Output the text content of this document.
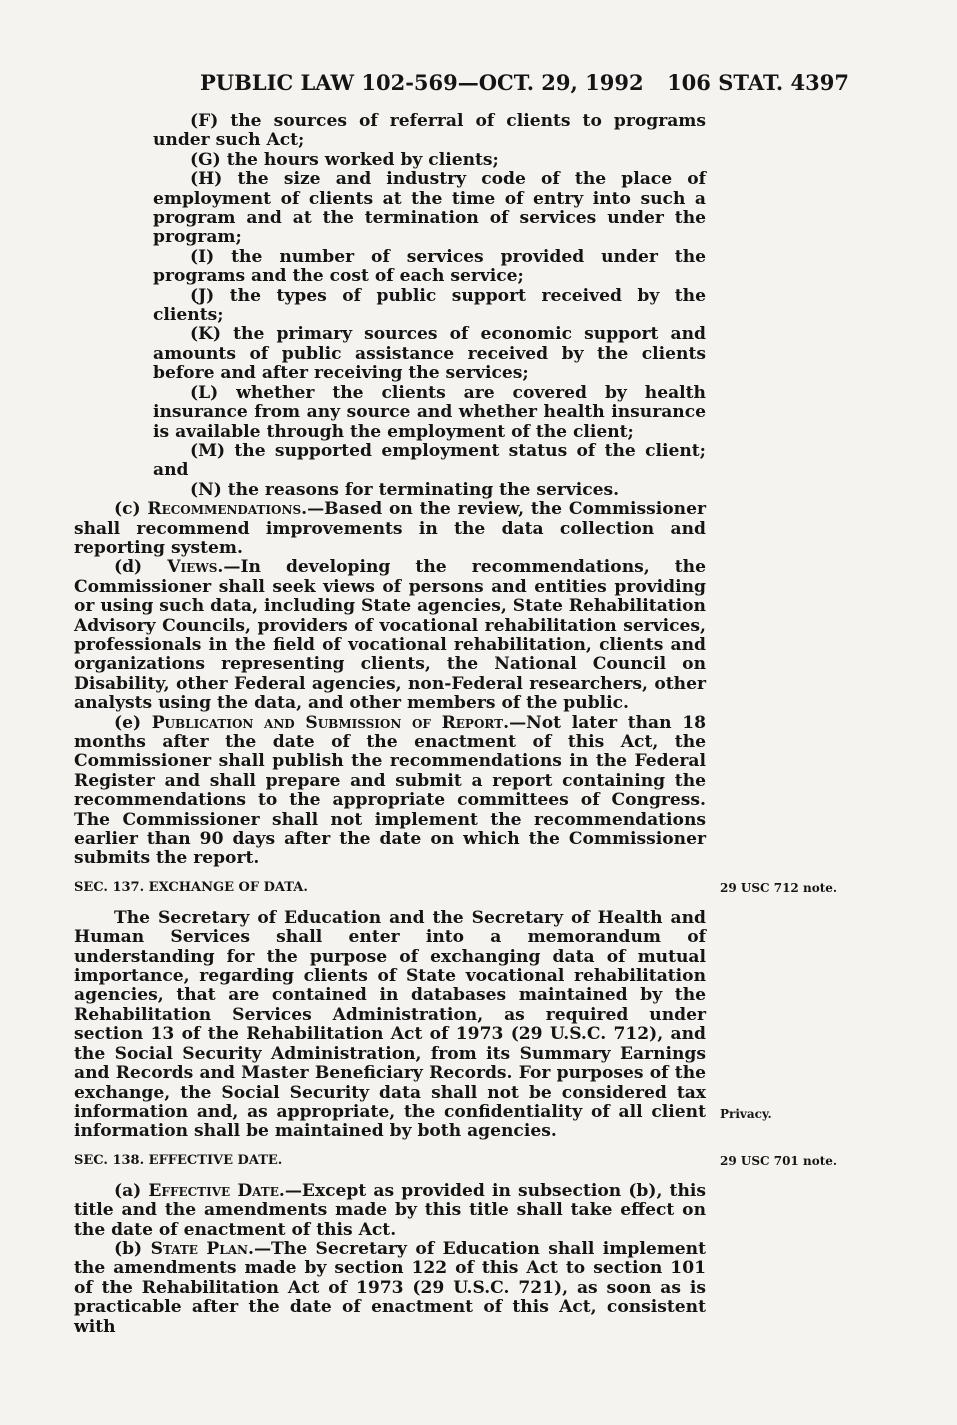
PUBLIC LAW 102-569—OCT. 29, 1992 106 STAT. 4397

(F) the sources of referral of clients to programs under such Act;

(G) the hours worked by clients;

(H) the size and industry code of the place of employment of clients at the time of entry into such a program and at the termination of services under the program;

(I) the number of services provided under the programs and the cost of each service;

(J) the types of public support received by the clients;

(K) the primary sources of economic support and amounts of public assistance received by the clients before and after receiving the services;

(L) whether the clients are covered by health insurance from any source and whether health insurance is available through the employment of the client;

(M) the supported employment status of the client; and

(N) the reasons for terminating the services.

(c) Recommendations.—Based on the review, the Commissioner shall recommend improvements in the data collection and reporting system.

(d) Views.—In developing the recommendations, the Commissioner shall seek views of persons and entities providing or using such data, including State agencies, State Rehabilitation Advisory Councils, providers of vocational rehabilitation services, professionals in the field of vocational rehabilitation, clients and organizations representing clients, the National Council on Disability, other Federal agencies, non-Federal researchers, other analysts using the data, and other members of the public.

(e) Publication and Submission of Report.—Not later than 18 months after the date of the enactment of this Act, the Commissioner shall publish the recommendations in the Federal Register and shall prepare and submit a report containing the recommendations to the appropriate committees of Congress. The Commissioner shall not implement the recommendations earlier than 90 days after the date on which the Commissioner submits the report.

SEC. 137. EXCHANGE OF DATA.	29 USC 712 note.

The Secretary of Education and the Secretary of Health and Human Services shall enter into a memorandum of understanding for the purpose of exchanging data of mutual importance, regarding clients of State vocational rehabilitation agencies, that are contained in databases maintained by the Rehabilitation Services Administration, as required under section 13 of the Rehabilitation Act of 1973 (29 U.S.C. 712), and the Social Security Administration, from its Summary Earnings and Records and Master Beneficiary Records. For purposes of the exchange, the Social Security data shall not be considered tax information and, as appropriate, the confidentiality of all client information shall be maintained by both agencies.

Privacy.
SEC. 138. EFFECTIVE DATE.	29 USC 701 note.

(a) Effective Date.—Except as provided in subsection (b), this title and the amendments made by this title shall take effect on the date of enactment of this Act.

(b) State Plan.—The Secretary of Education shall implement the amendments made by section 122 of this Act to section 101 of the Rehabilitation Act of 1973 (29 U.S.C. 721), as soon as is practicable after the date of enactment of this Act, consistent with
